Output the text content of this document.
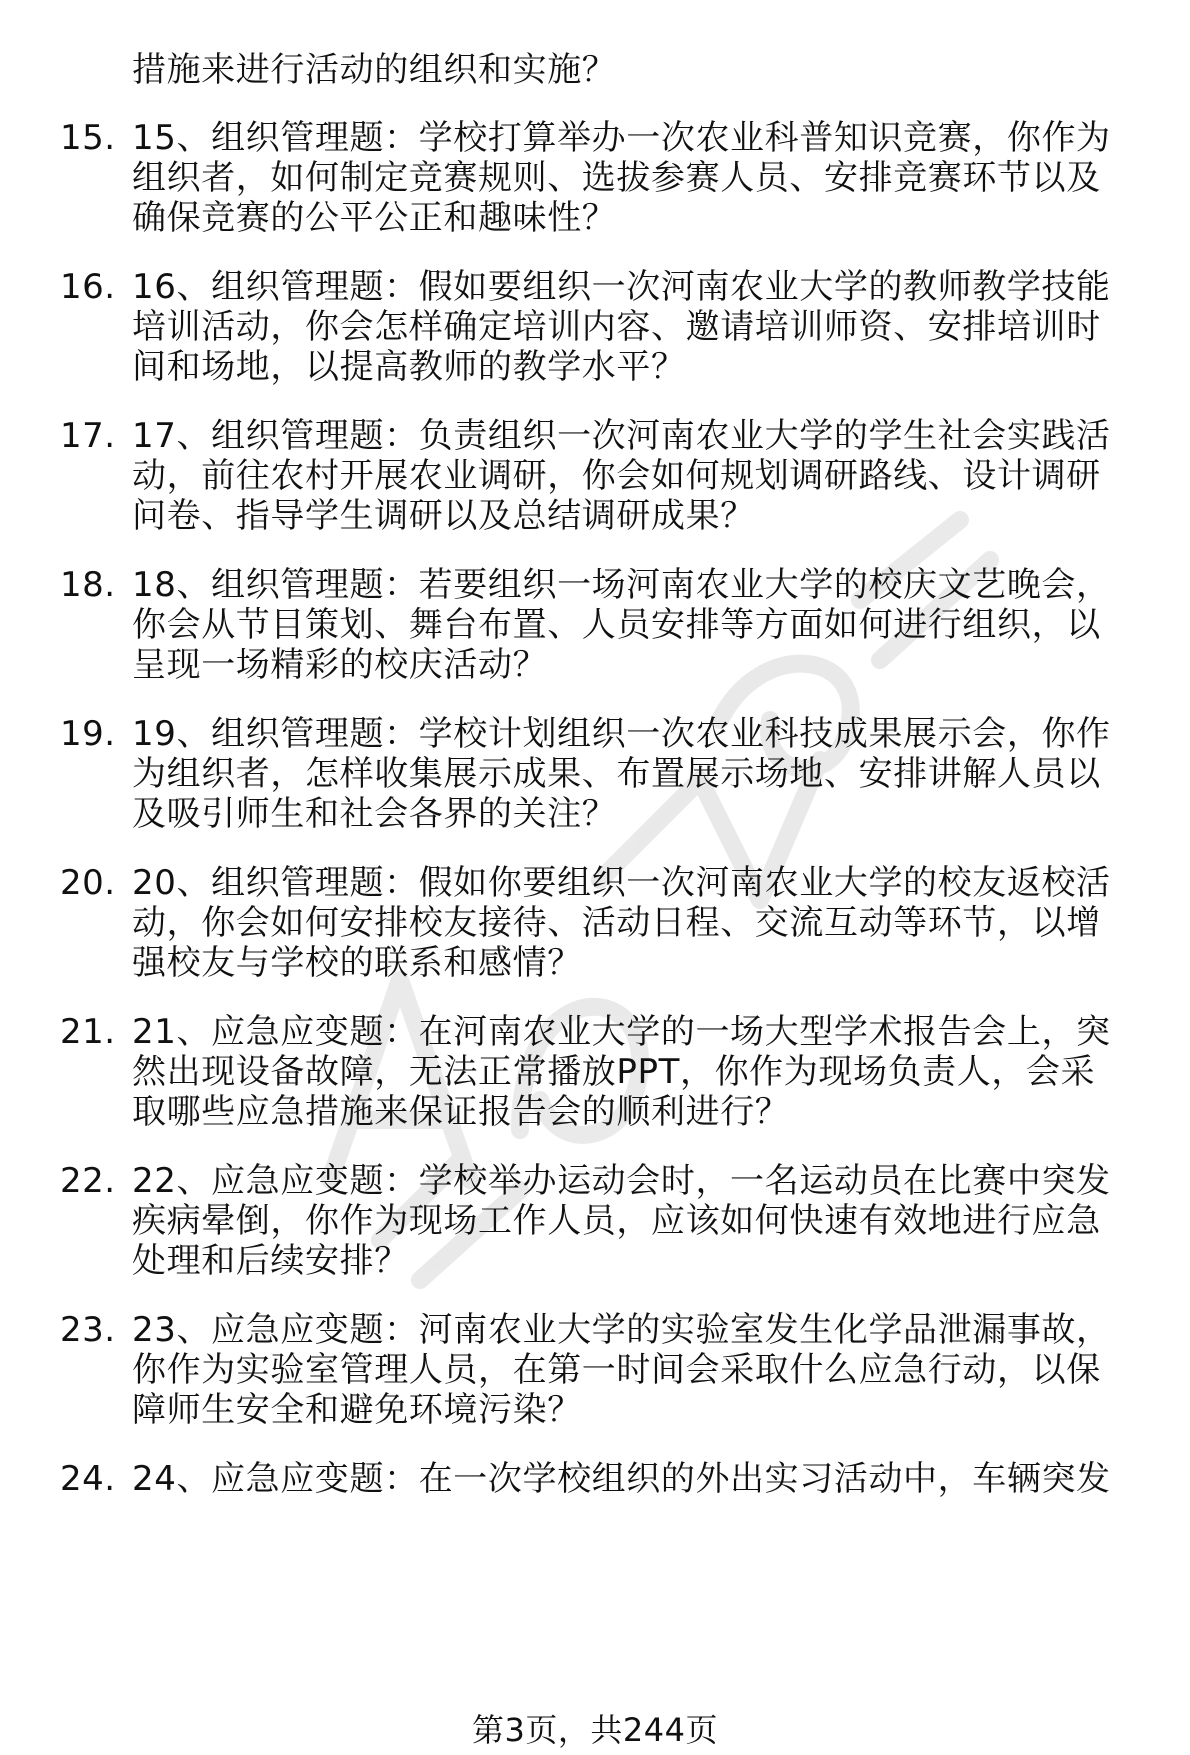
措施来进行活动的组织和实施？
15. 15、组织管理题：学校打算举办一次农业科普知识竞赛，你作为
组织者，如何制定竞赛规则、选拔参赛人员、安排竞赛环节以及
确保竞赛的公平公正和趣味性？
16. 16、组织管理题：假如要组织一次河南农业大学的教师教学技能
培训活动，你会怎样确定培训内容、邀请培训师资、安排培训时
间和场地，以提高教师的教学水平？
17. 17、组织管理题：负责组织一次河南农业大学的学生社会实践活
动，前往农村开展农业调研，你会如何规划调研路线、设计调研
问卷、指导学生调研以及总结调研成果？
18. 18、组织管理题：若要组织一场河南农业大学的校庆文艺晚会，
你会从节目策划、舞台布置、人员安排等方面如何进行组织，以
呈现一场精彩的校庆活动？
19. 19、组织管理题：学校计划组织一次农业科技成果展示会，你作
为组织者，怎样收集展示成果、布置展示场地、安排讲解人员以
及吸引师生和社会各界的关注？
20. 20、组织管理题：假如你要组织一次河南农业大学的校友返校活
动，你会如何安排校友接待、活动日程、交流互动等环节，以增
强校友与学校的联系和感情？
21. 21、应急应变题：在河南农业大学的一场大型学术报告会上，突
然出现设备故障，无法正常播放PPT，你作为现场负责人，会采
取哪些应急措施来保证报告会的顺利进行？
22. 22、应急应变题：学校举办运动会时，一名运动员在比赛中突发
疾病晕倒，你作为现场工作人员，应该如何快速有效地进行应急
处理和后续安排？
23. 23、应急应变题：河南农业大学的实验室发生化学品泄漏事故，
你作为实验室管理人员，在第一时间会采取什么应急行动，以保
障师生安全和避免环境污染？
24. 24、应急应变题：在一次学校组织的外出实习活动中，车辆突发
第3页，共244页
